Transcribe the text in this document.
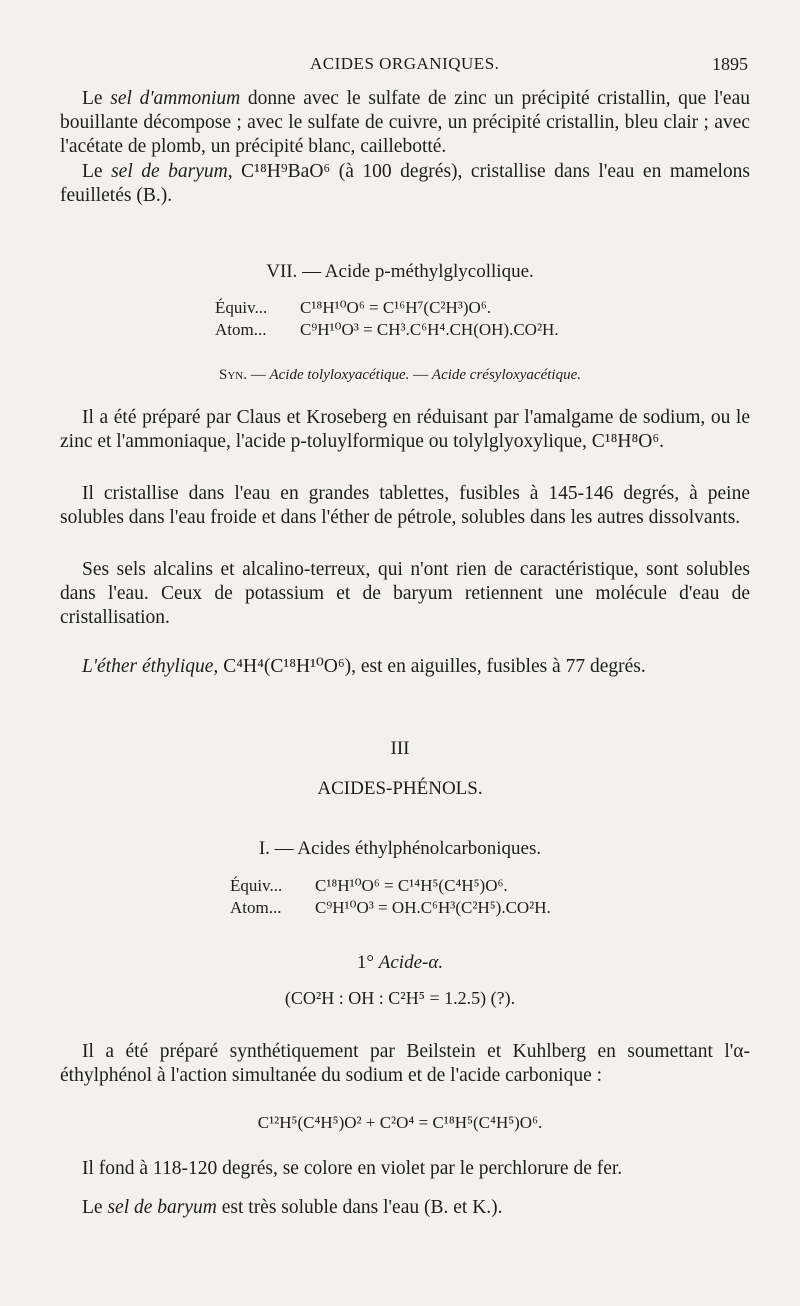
ACIDES ORGANIQUES.	1895
Le sel d'ammonium donne avec le sulfate de zinc un précipité cristallin, que l'eau bouillante décompose ; avec le sulfate de cuivre, un précipité cristallin, bleu clair ; avec l'acétate de plomb, un précipité blanc, caillebotté.
Le sel de baryum, C¹⁸H⁹BaO⁶ (à 100 degrés), cristallise dans l'eau en mamelons feuilletés (B.).
VII. — Acide p-méthylglycollique.
Équiv... C¹⁸H¹⁰O⁶ = C¹⁶H⁷(C²H³)O⁶.
Atom... C⁹H¹⁰O³ = CH³.C⁶H⁴.CH(OH).CO²H.
Syn. — Acide tolyloxyacétique. — Acide crésyloxyacétique.
Il a été préparé par Claus et Kroseberg en réduisant par l'amalgame de sodium, ou le zinc et l'ammoniaque, l'acide p-toluylformique ou tolylglyoxylique, C¹⁸H⁸O⁶.
Il cristallise dans l'eau en grandes tablettes, fusibles à 145-146 degrés, à peine solubles dans l'eau froide et dans l'éther de pétrole, solubles dans les autres dissolvants.
Ses sels alcalins et alcalino-terreux, qui n'ont rien de caractéristique, sont solubles dans l'eau. Ceux de potassium et de baryum retiennent une molécule d'eau de cristallisation.
L'éther éthylique, C⁴H⁴(C¹⁸H¹⁰O⁶), est en aiguilles, fusibles à 77 degrés.
III
ACIDES-PHÉNOLS.
I. — Acides éthylphénolcarboniques.
Équiv... C¹⁸H¹⁰O⁶ = C¹⁴H⁵(C⁴H⁵)O⁶.
Atom... C⁹H¹⁰O³ = OH.C⁶H³(C²H⁵).CO²H.
1° Acide-α.
(CO²H : OH : C²H⁵ = 1.2.5) (?).
Il a été préparé synthétiquement par Beilstein et Kuhlberg en soumettant l'α-éthylphénol à l'action simultanée du sodium et de l'acide carbonique :
C¹²H⁵(C⁴H⁵)O² + C²O⁴ = C¹⁸H⁵(C⁴H⁵)O⁶.
Il fond à 118-120 degrés, se colore en violet par le perchlorure de fer.
Le sel de baryum est très soluble dans l'eau (B. et K.).
